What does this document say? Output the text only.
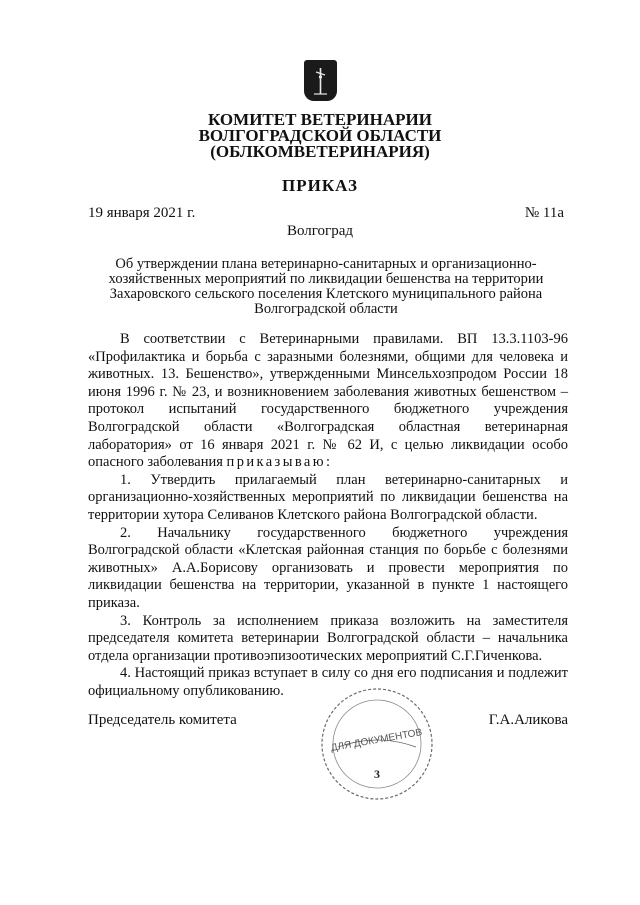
КОМИТЕТ ВЕТЕРИНАРИИ
ВОЛГОГРАДСКОЙ ОБЛАСТИ
(ОБЛКОМВЕТЕРИНАРИЯ)
ПРИКАЗ
19 января 2021 г.	№ 11а
Волгоград
Об утверждении плана ветеринарно-санитарных и организационно-
хозяйственных мероприятий по ликвидации бешенства на территории
Захаровского сельского поселения Клетского муниципального района
Волгоградской области

В соответствии с Ветеринарными правилами. ВП 13.3.1103-96 «Профилактика и борьба с заразными болезнями, общими для человека и животных. 13. Бешенство», утвержденными Минсельхозпродом России 18 июня 1996 г. № 23, и возникновением заболевания животных бешенством – протокол испытаний государственного бюджетного учреждения Волгоградской области «Волгоградская областная ветеринарная лаборатория» от 16 января 2021 г. № 62 И, с целью ликвидации особо опасного заболевания приказываю:

1. Утвердить прилагаемый план ветеринарно-санитарных и организационно-хозяйственных мероприятий по ликвидации бешенства на территории хутора Селиванов Клетского района Волгоградской области.

2. Начальнику государственного бюджетного учреждения Волгоградской области «Клетская районная станция по борьбе с болезнями животных» А.А.Борисову организовать и провести мероприятия по ликвидации бешенства на территории, указанной в пункте 1 настоящего приказа.

3. Контроль за исполнением приказа возложить на заместителя председателя комитета ветеринарии Волгоградской области – начальника отдела организации противоэпизоотических мероприятий С.Г.Гиченкова.

4. Настоящий приказ вступает в силу со дня его подписания и подлежит официальному опубликованию.

Председатель комитета	Г.А.Аликова
ДЛЯ ДОКУМЕНТОВ
3
